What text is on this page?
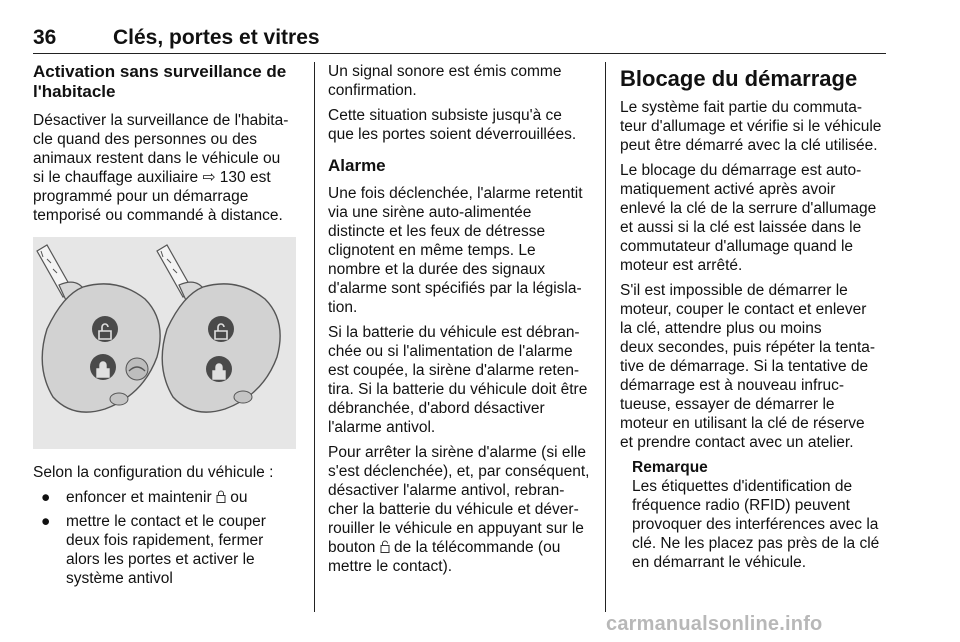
36	Clés, portes et vitres
Activation sans surveillance de
l'habitacle

Désactiver la surveillance de l'habita-
cle quand des personnes ou des
animaux restent dans le véhicule ou
si le chauffage auxiliaire ⇨ 130 est
programmé pour un démarrage
temporisé ou commandé à distance.

Selon la configuration du véhicule :

● enfoncer et maintenir ou
● mettre le contact et le couper
deux fois rapidement, fermer
alors les portes et activer le
système antivol

Un signal sonore est émis comme
confirmation.

Cette situation subsiste jusqu'à ce
que les portes soient déverrouillées.

Alarme

Une fois déclenchée, l'alarme retentit
via une sirène auto-alimentée
distincte et les feux de détresse
clignotent en même temps. Le
nombre et la durée des signaux
d'alarme sont spécifiés par la législa-
tion.

Si la batterie du véhicule est débran-
chée ou si l'alimentation de l'alarme
est coupée, la sirène d'alarme reten-
tira. Si la batterie du véhicule doit être
débranchée, d'abord désactiver
l'alarme antivol.

Pour arrêter la sirène d'alarme (si elle
s'est déclenchée), et, par conséquent,
désactiver l'alarme antivol, rebran-
cher la batterie du véhicule et déver-
rouiller le véhicule en appuyant sur le
bouton de la télécommande (ou
mettre le contact).

Blocage du démarrage

Le système fait partie du commuta-
teur d'allumage et vérifie si le véhicule
peut être démarré avec la clé utilisée.

Le blocage du démarrage est auto-
matiquement activé après avoir
enlevé la clé de la serrure d'allumage
et aussi si la clé est laissée dans le
commutateur d'allumage quand le
moteur est arrêté.

S'il est impossible de démarrer le
moteur, couper le contact et enlever
la clé, attendre plus ou moins
deux secondes, puis répéter la tenta-
tive de démarrage. Si la tentative de
démarrage est à nouveau infruc-
tueuse, essayer de démarrer le
moteur en utilisant la clé de réserve
et prendre contact avec un atelier.

Remarque
Les étiquettes d'identification de
fréquence radio (RFID) peuvent
provoquer des interférences avec la
clé. Ne les placez pas près de la clé
en démarrant le véhicule.
carmanualsonline.info
